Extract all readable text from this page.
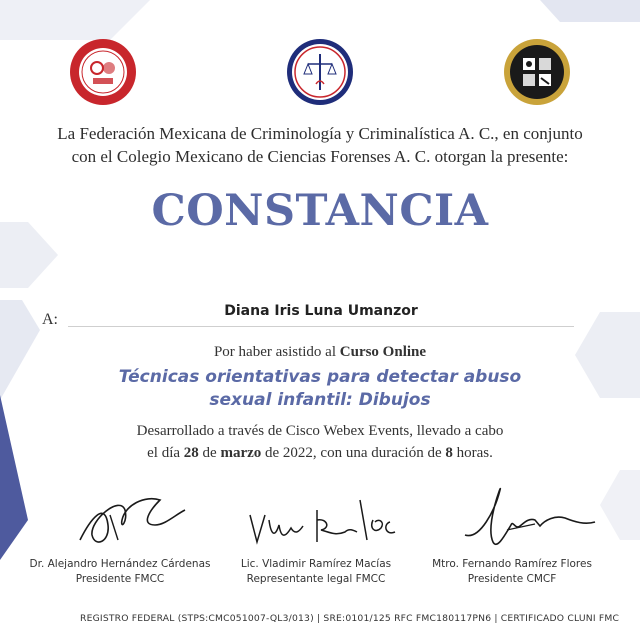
La Federación Mexicana de Criminología y Criminalística A. C., en conjunto
con el Colegio Mexicano de Ciencias Forenses A. C. otorgan la presente:
CONSTANCIA
A:	Diana Iris Luna Umanzor
Por haber asistido al Curso Online
Técnicas orientativas para detectar abuso
sexual infantil: Dibujos
Desarrollado a través de Cisco Webex Events, llevado a cabo
el día 28 de marzo de 2022, con una duración de 8 horas.
Dr. Alejandro Hernández Cárdenas
Presidente FMCC
Lic. Vladimir Ramírez Macías
Representante legal FMCC
Mtro. Fernando Ramírez Flores
Presidente CMCF
REGISTRO FEDERAL (STPS:CMC051007-QL3/013) | SRE:0101/125 RFC FMC180117PN6 | CERTIFICADO CLUNI FMC
